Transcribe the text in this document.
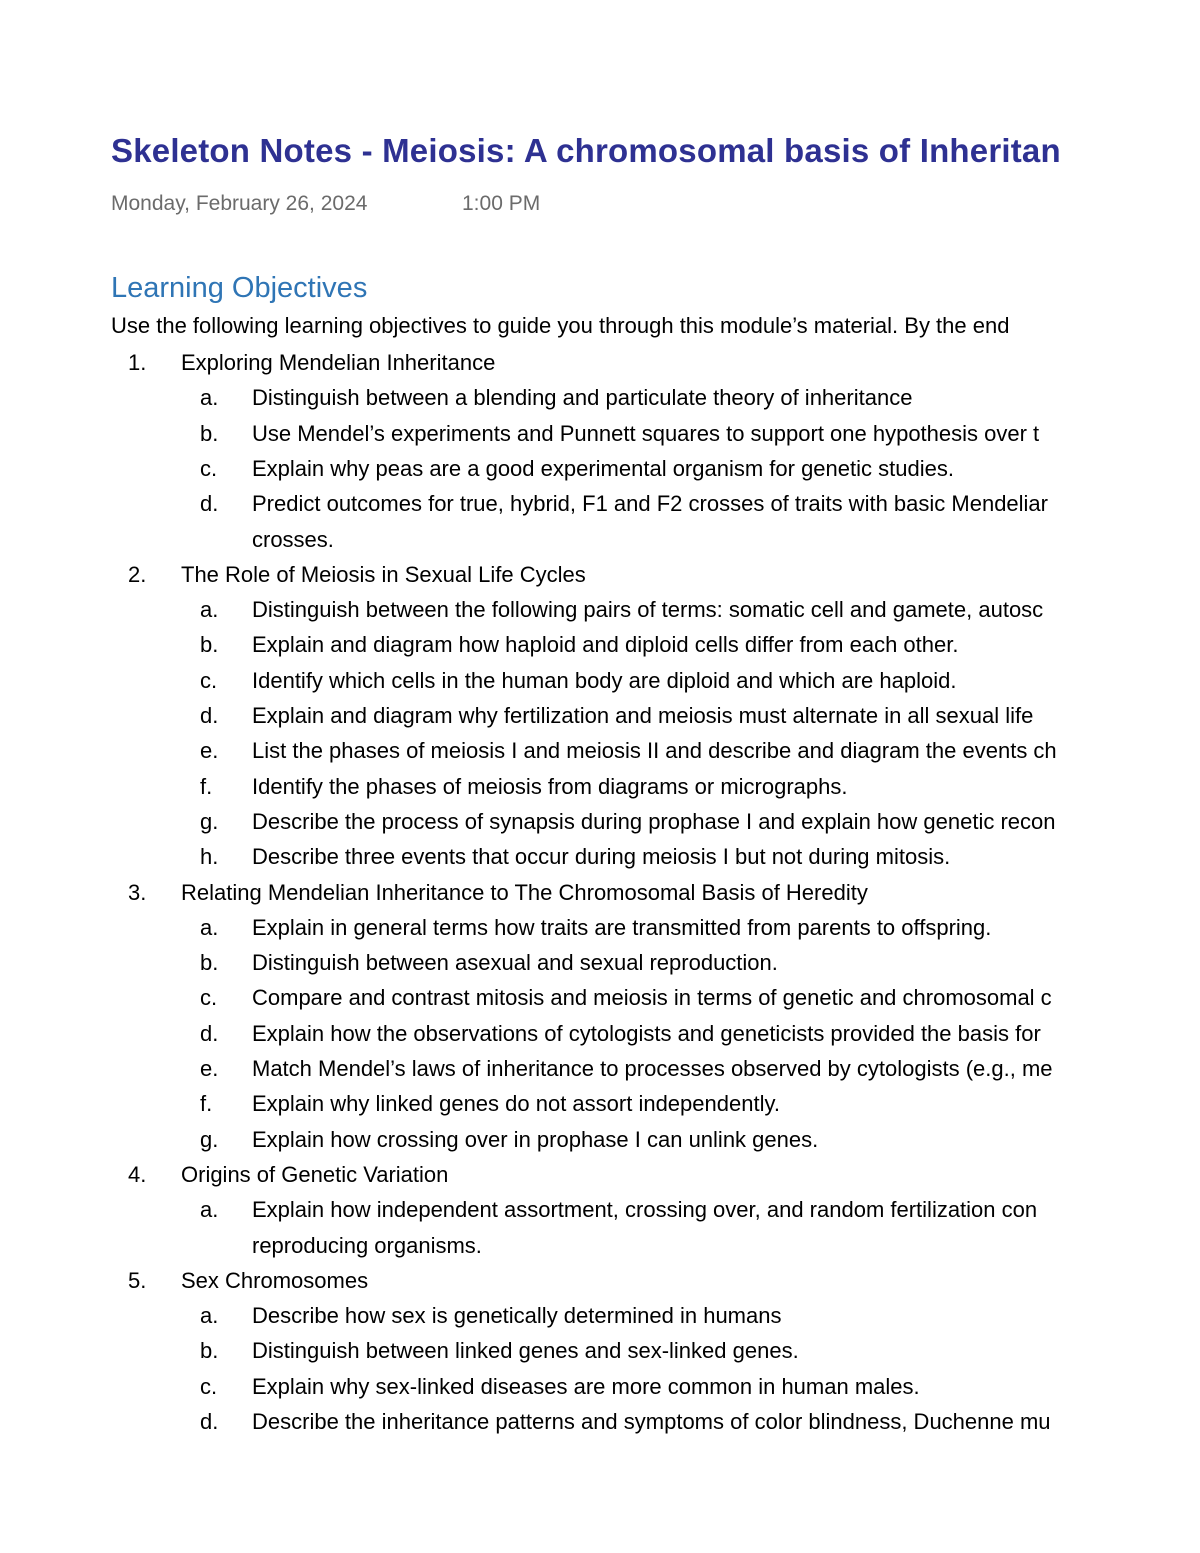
Skeleton Notes - Meiosis: A chromosomal basis of Inheritan
Monday, February 26, 2024	1:00 PM
Learning Objectives
Use the following learning objectives to guide you through this module’s material. By the end
1.	Exploring Mendelian Inheritance
a.	Distinguish between a blending and particulate theory of inheritance
b.	Use Mendel’s experiments and Punnett squares to support one hypothesis over t
c.	Explain why peas are a good experimental organism for genetic studies.
d.	Predict outcomes for true, hybrid, F1 and F2 crosses of traits with basic Mendeliar
crosses.
2.	The Role of Meiosis in Sexual Life Cycles
a.	Distinguish between the following pairs of terms: somatic cell and gamete, autosc
b.	Explain and diagram how haploid and diploid cells differ from each other.
c.	Identify which cells in the human body are diploid and which are haploid.
d.	Explain and diagram why fertilization and meiosis must alternate in all sexual life
e.	List the phases of meiosis I and meiosis II and describe and diagram the events ch
f.	Identify the phases of meiosis from diagrams or micrographs.
g.	Describe the process of synapsis during prophase I and explain how genetic recon
h.	Describe three events that occur during meiosis I but not during mitosis.
3.	Relating Mendelian Inheritance to The Chromosomal Basis of Heredity
a.	Explain in general terms how traits are transmitted from parents to offspring.
b.	Distinguish between asexual and sexual reproduction.
c.	Compare and contrast mitosis and meiosis in terms of genetic and chromosomal c
d.	Explain how the observations of cytologists and geneticists provided the basis for
e.	Match Mendel’s laws of inheritance to processes observed by cytologists (e.g., me
f.	Explain why linked genes do not assort independently.
g.	Explain how crossing over in prophase I can unlink genes.
4.	Origins of Genetic Variation
a.	Explain how independent assortment, crossing over, and random fertilization con
reproducing organisms.
5.	Sex Chromosomes
a.	Describe how sex is genetically determined in humans
b.	Distinguish between linked genes and sex-linked genes.
c.	Explain why sex-linked diseases are more common in human males.
d.	Describe the inheritance patterns and symptoms of color blindness, Duchenne mu
